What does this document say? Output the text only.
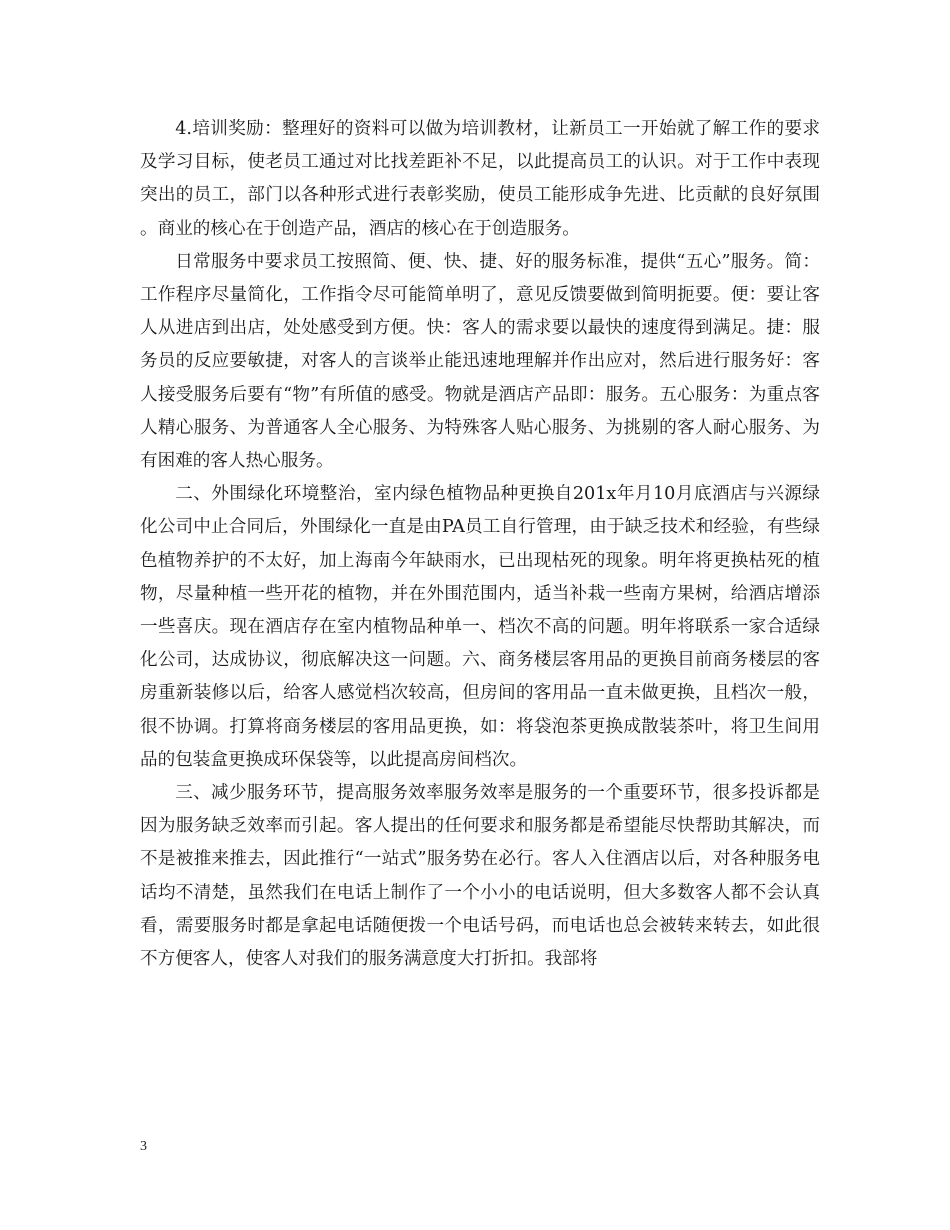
4.培训奖励：整理好的资料可以做为培训教材，让新员工一开始就了解工作的要求及学习目标，使老员工通过对比找差距补不足，以此提高员工的认识。对于工作中表现突出的员工，部门以各种形式进行表彰奖励，使员工能形成争先进、比贡献的良好氛围。商业的核心在于创造产品，酒店的核心在于创造服务。

日常服务中要求员工按照简、便、快、捷、好的服务标准，提供“五心”服务。简：工作程序尽量简化，工作指令尽可能简单明了，意见反馈要做到简明扼要。便：要让客人从进店到出店，处处感受到方便。快：客人的需求要以最快的速度得到满足。捷：服务员的反应要敏捷，对客人的言谈举止能迅速地理解并作出应对，然后进行服务好：客人接受服务后要有“物”有所值的感受。物就是酒店产品即：服务。五心服务：为重点客人精心服务、为普通客人全心服务、为特殊客人贴心服务、为挑剔的客人耐心服务、为有困难的客人热心服务。

二、外围绿化环境整治，室内绿色植物品种更换自201x年月10月底酒店与兴源绿化公司中止合同后，外围绿化一直是由PA员工自行管理，由于缺乏技术和经验，有些绿色植物养护的不太好，加上海南今年缺雨水，已出现枯死的现象。明年将更换枯死的植物，尽量种植一些开花的植物，并在外围范围内，适当补栽一些南方果树，给酒店增添一些喜庆。现在酒店存在室内植物品种单一、档次不高的问题。明年将联系一家合适绿化公司，达成协议，彻底解决这一问题。六、商务楼层客用品的更换目前商务楼层的客房重新装修以后，给客人感觉档次较高，但房间的客用品一直未做更换，且档次一般，很不协调。打算将商务楼层的客用品更换，如：将袋泡茶更换成散装茶叶，将卫生间用品的包装盒更换成环保袋等，以此提高房间档次。

三、减少服务环节，提高服务效率服务效率是服务的一个重要环节，很多投诉都是因为服务缺乏效率而引起。客人提出的任何要求和服务都是希望能尽快帮助其解决，而不是被推来推去，因此推行“一站式”服务势在必行。客人入住酒店以后，对各种服务电话均不清楚，虽然我们在电话上制作了一个小小的电话说明，但大多数客人都不会认真看，需要服务时都是拿起电话随便拨一个电话号码，而电话也总会被转来转去，如此很不方便客人，使客人对我们的服务满意度大打折扣。我部将

3
